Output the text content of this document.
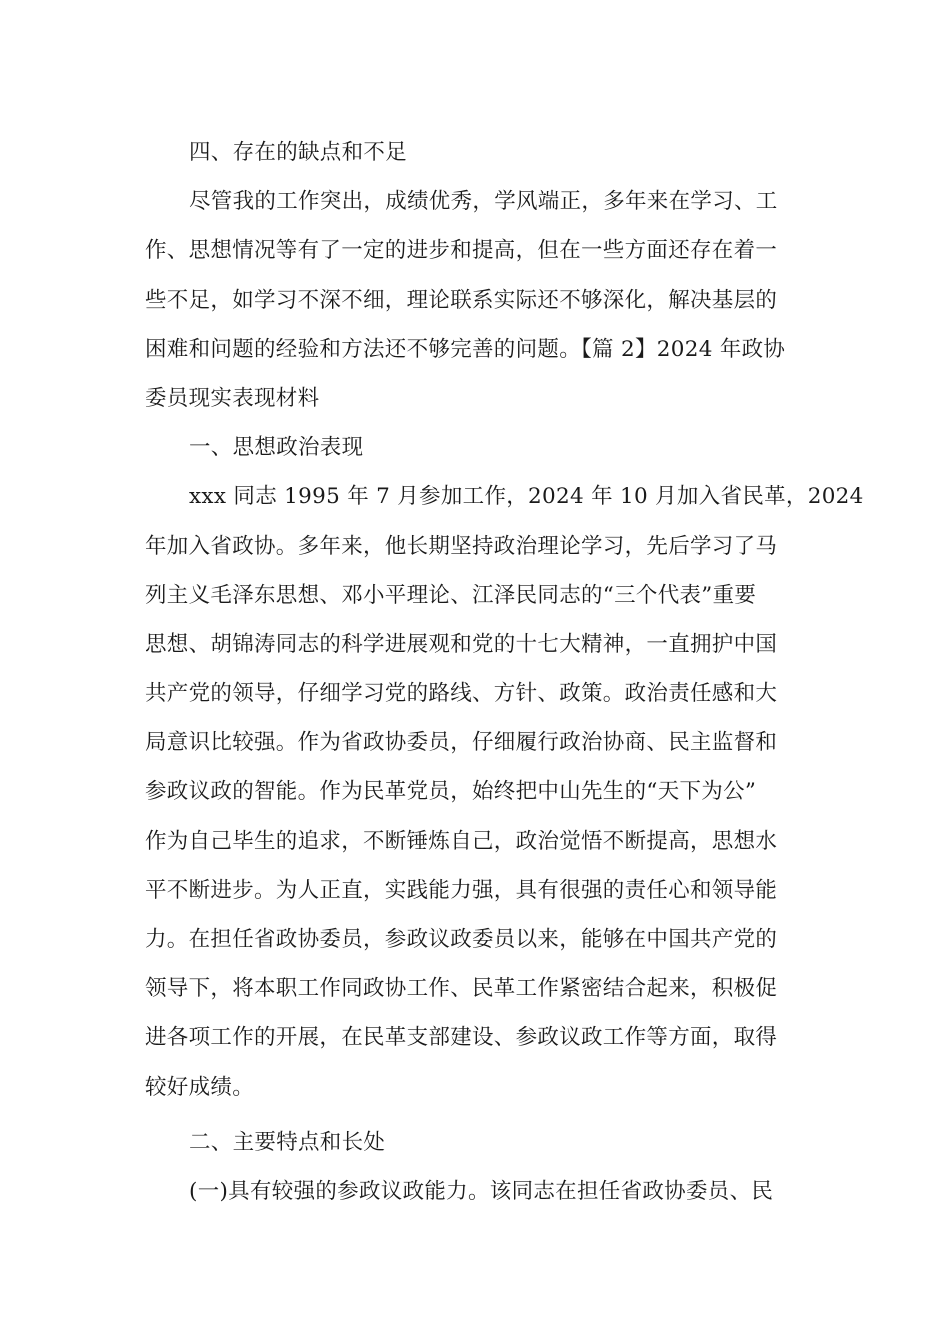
四、存在的缺点和不足
尽管我的工作突出，成绩优秀，学风端正，多年来在学习、工
作、思想情况等有了一定的进步和提高，但在一些方面还存在着一
些不足，如学习不深不细，理论联系实际还不够深化，解决基层的
困难和问题的经验和方法还不够完善的问题。【篇 2】2024 年政协
委员现实表现材料
一、思想政治表现
xxx 同志 1995 年 7 月参加工作，2024 年 10 月加入省民革，2024
年加入省政协。多年来，他长期坚持政治理论学习，先后学习了马
列主义毛泽东思想、邓小平理论、江泽民同志的“三个代表”重要
思想、胡锦涛同志的科学进展观和党的十七大精神，一直拥护中国
共产党的领导，仔细学习党的路线、方针、政策。政治责任感和大
局意识比较强。作为省政协委员，仔细履行政治协商、民主监督和
参政议政的智能。作为民革党员，始终把中山先生的“天下为公”
作为自己毕生的追求，不断锤炼自己，政治觉悟不断提高，思想水
平不断进步。为人正直，实践能力强，具有很强的责任心和领导能
力。在担任省政协委员，参政议政委员以来，能够在中国共产党的
领导下，将本职工作同政协工作、民革工作紧密结合起来，积极促
进各项工作的开展，在民革支部建设、参政议政工作等方面，取得
较好成绩。
二、主要特点和长处
(一)具有较强的参政议政能力。该同志在担任省政协委员、民
